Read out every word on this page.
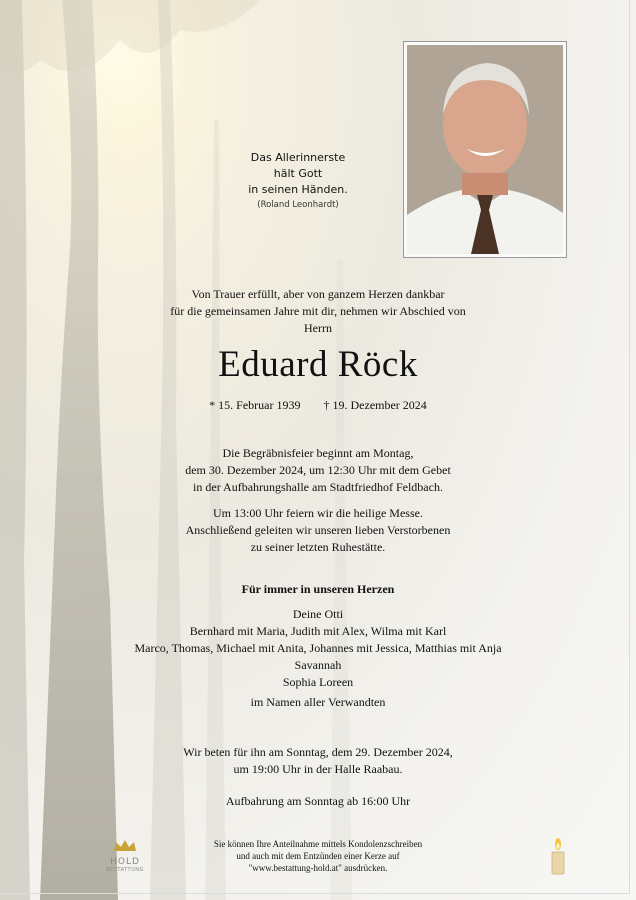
Das Allerinnerste
hält Gott
in seinen Händen.
(Roland Leonhardt)
Von Trauer erfüllt, aber von ganzem Herzen dankbar
für die gemeinsamen Jahre mit dir, nehmen wir Abschied von
Herrn
Eduard Röck
* 15. Februar 1939 † 19. Dezember 2024
Die Begräbnisfeier beginnt am Montag,
dem 30. Dezember 2024, um 12:30 Uhr mit dem Gebet
in der Aufbahrungshalle am Stadtfriedhof Feldbach.
Um 13:00 Uhr feiern wir die heilige Messe.
Anschließend geleiten wir unseren lieben Verstorbenen
zu seiner letzten Ruhestätte.
Für immer in unseren Herzen
Deine Otti
Bernhard mit Maria, Judith mit Alex, Wilma mit Karl
Marco, Thomas, Michael mit Anita, Johannes mit Jessica, Matthias mit Anja
Savannah
Sophia Loreen
im Namen aller Verwandten
Wir beten für ihn am Sonntag, dem 29. Dezember 2024,
um 19:00 Uhr in der Halle Raabau.
Aufbahrung am Sonntag ab 16:00 Uhr
Sie können Ihre Anteilnahme mittels Kondolenzschreiben
und auch mit dem Entzünden einer Kerze auf
"www.bestattung-hold.at" ausdrücken.
HOLD
BESTATTUNG
